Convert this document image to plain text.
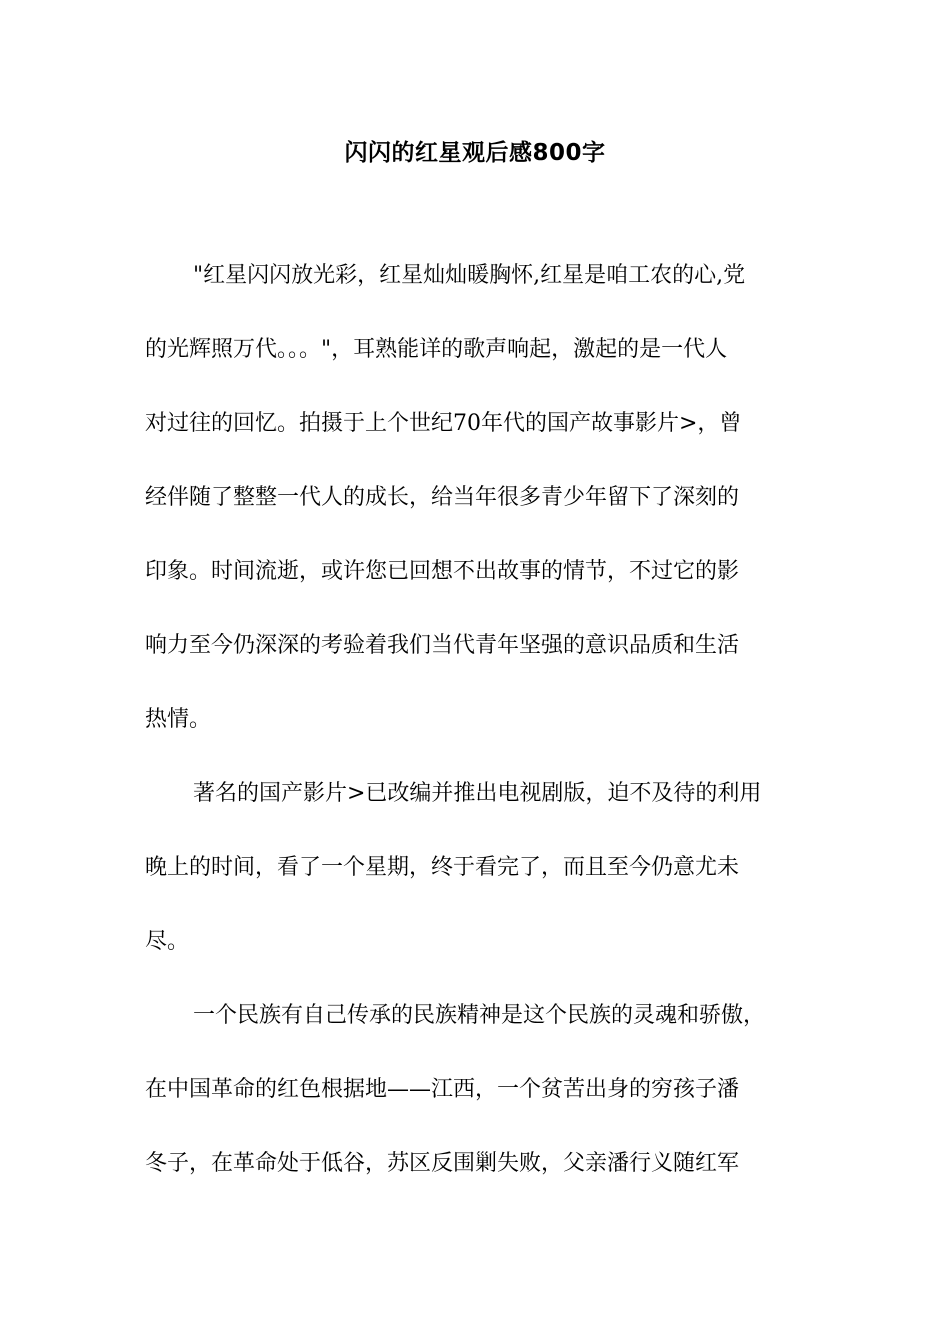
闪闪的红星观后感800字
"红星闪闪放光彩，红星灿灿暖胸怀,红星是咱工农的心,党
的光辉照万代。。。"，耳熟能详的歌声响起，激起的是一代人
对过往的回忆。拍摄于上个世纪70年代的国产故事影片>，曾
经伴随了整整一代人的成长，给当年很多青少年留下了深刻的
印象。时间流逝，或许您已回想不出故事的情节，不过它的影
响力至今仍深深的考验着我们当代青年坚强的意识品质和生活
热情。
著名的国产影片>已改编并推出电视剧版，迫不及待的利用
晚上的时间，看了一个星期，终于看完了，而且至今仍意尤未
尽。
一个民族有自己传承的民族精神是这个民族的灵魂和骄傲，
在中国革命的红色根据地——江西，一个贫苦出身的穷孩子潘
冬子，在革命处于低谷，苏区反围剿失败，父亲潘行义随红军
